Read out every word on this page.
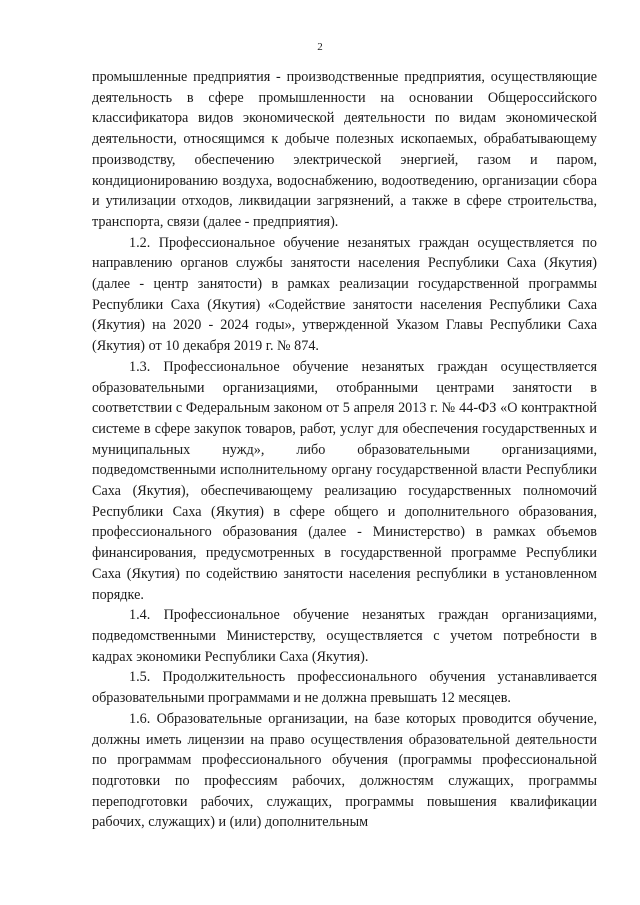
2

промышленные предприятия - производственные предприятия, осуществляющие деятельность в сфере промышленности на основании Общероссийского классификатора видов экономической деятельности по видам экономической деятельности, относящимся к добыче полезных ископаемых, обрабатывающему производству, обеспечению электрической энергией, газом и паром, кондиционированию воздуха, водоснабжению, водоотведению, организации сбора и утилизации отходов, ликвидации загрязнений, а также в сфере строительства, транспорта, связи (далее - предприятия).

1.2. Профессиональное обучение незанятых граждан осуществляется по направлению органов службы занятости населения Республики Саха (Якутия) (далее - центр занятости) в рамках реализации государственной программы Республики Саха (Якутия) «Содействие занятости населения Республики Саха (Якутия) на 2020 - 2024 годы», утвержденной Указом Главы Республики Саха (Якутия) от 10 декабря 2019 г. № 874.

1.3. Профессиональное обучение незанятых граждан осуществляется образовательными организациями, отобранными центрами занятости в соответствии с Федеральным законом от 5 апреля 2013 г. № 44-ФЗ «О контрактной системе в сфере закупок товаров, работ, услуг для обеспечения государственных и муниципальных нужд», либо образовательными организациями, подведомственными исполнительному органу государственной власти Республики Саха (Якутия), обеспечивающему реализацию государственных полномочий Республики Саха (Якутия) в сфере общего и дополнительного образования, профессионального образования (далее - Министерство) в рамках объемов финансирования, предусмотренных в государственной программе Республики Саха (Якутия) по содействию занятости населения республики в установленном порядке.

1.4. Профессиональное обучение незанятых граждан организациями, подведомственными Министерству, осуществляется с учетом потребности в кадрах экономики Республики Саха (Якутия).

1.5. Продолжительность профессионального обучения устанавливается образовательными программами и не должна превышать 12 месяцев.

1.6. Образовательные организации, на базе которых проводится обучение, должны иметь лицензии на право осуществления образовательной деятельности по программам профессионального обучения (программы профессиональной подготовки по профессиям рабочих, должностям служащих, программы переподготовки рабочих, служащих, программы повышения квалификации рабочих, служащих) и (или) дополнительным
